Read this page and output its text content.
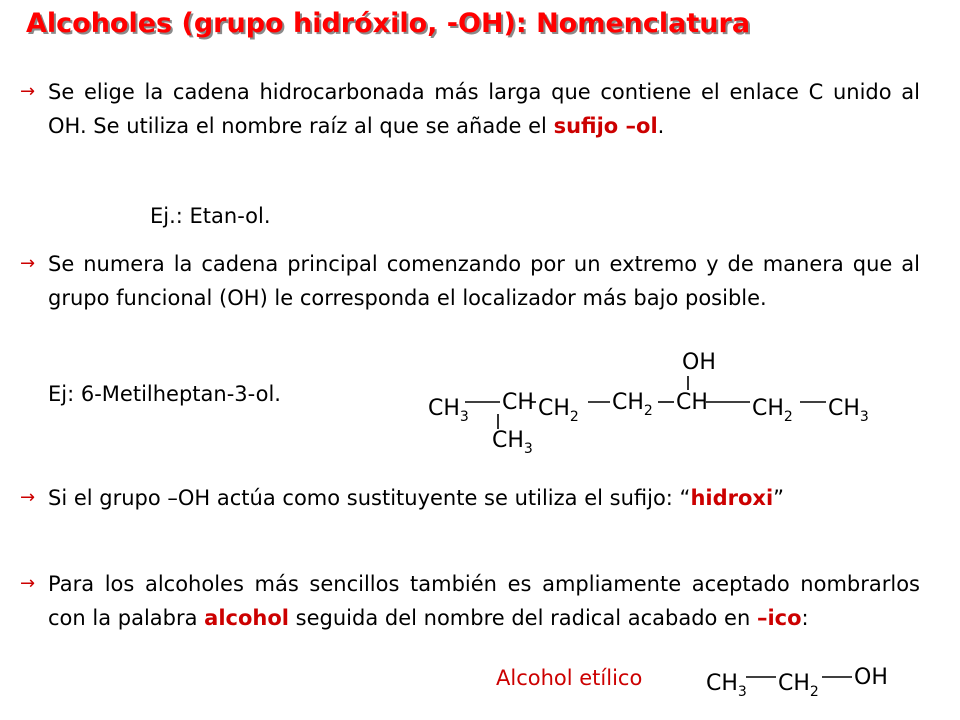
Alcoholes (grupo hidróxilo, -OH): Nomenclatura
→ Se elige la cadena hidrocarbonada más larga que contiene el enlace C unido al OH. Se utiliza el nombre raíz al que se añade el sufijo –ol.
Ej.: Etan-ol.
→ Se numera la cadena principal comenzando por un extremo y de manera que al grupo funcional (OH) le corresponda el localizador más bajo posible.
Ej: 6-Metilheptan-3-ol.
$CH_3$
CH $CH_2$
$CH_2$ CH $CH_2$ $CH_3$
OH
$CH_3$
→ Si el grupo –OH actúa como sustituyente se utiliza el sufijo: “hidroxi”
→ Para los alcoholes más sencillos también es ampliamente aceptado nombrarlos con la palabra alcohol seguida del nombre del radical acabado en –ico:
Alcohol etílico	$CH_3$ $CH_2$
OH
